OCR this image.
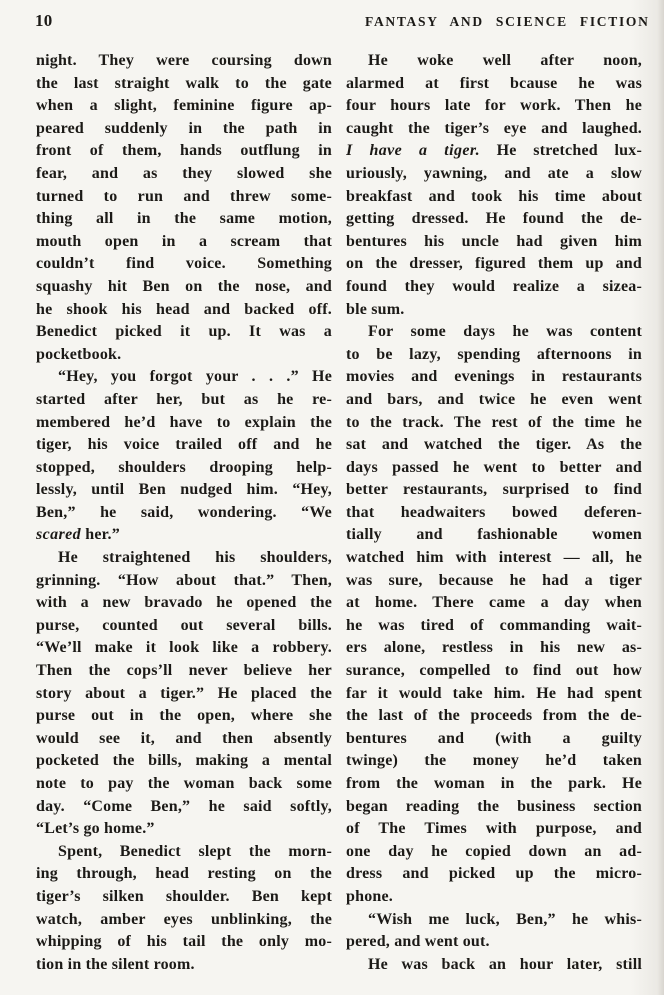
10	FANTASY AND SCIENCE FICTION
night. They were coursing down
the last straight walk to the gate
when a slight, feminine figure ap-
peared suddenly in the path in
front of them, hands outflung in
fear, and as they slowed she
turned to run and threw some-
thing all in the same motion,
mouth open in a scream that
couldn’t find voice. Something
squashy hit Ben on the nose, and
he shook his head and backed off.
Benedict picked it up. It was a
pocketbook.
“Hey, you forgot your . . .” He
started after her, but as he re-
membered he’d have to explain the
tiger, his voice trailed off and he
stopped, shoulders drooping help-
lessly, until Ben nudged him. “Hey,
Ben,” he said, wondering. “We
scared her.”
He straightened his shoulders,
grinning. “How about that.” Then,
with a new bravado he opened the
purse, counted out several bills.
“We’ll make it look like a robbery.
Then the cops’ll never believe her
story about a tiger.” He placed the
purse out in the open, where she
would see it, and then absently
pocketed the bills, making a mental
note to pay the woman back some
day. “Come Ben,” he said softly,
“Let’s go home.”
Spent, Benedict slept the morn-
ing through, head resting on the
tiger’s silken shoulder. Ben kept
watch, amber eyes unblinking, the
whipping of his tail the only mo-
tion in the silent room.
He woke well after noon,
alarmed at first bcause he was
four hours late for work. Then he
caught the tiger’s eye and laughed.
I have a tiger. He stretched lux-
uriously, yawning, and ate a slow
breakfast and took his time about
getting dressed. He found the de-
bentures his uncle had given him
on the dresser, figured them up and
found they would realize a sizea-
ble sum.
For some days he was content
to be lazy, spending afternoons in
movies and evenings in restaurants
and bars, and twice he even went
to the track. The rest of the time he
sat and watched the tiger. As the
days passed he went to better and
better restaurants, surprised to find
that headwaiters bowed deferen-
tially and fashionable women
watched him with interest — all, he
was sure, because he had a tiger
at home. There came a day when
he was tired of commanding wait-
ers alone, restless in his new as-
surance, compelled to find out how
far it would take him. He had spent
the last of the proceeds from the de-
bentures and (with a guilty
twinge) the money he’d taken
from the woman in the park. He
began reading the business section
of The Times with purpose, and
one day he copied down an ad-
dress and picked up the micro-
phone.
“Wish me luck, Ben,” he whis-
pered, and went out.
He was back an hour later, still
